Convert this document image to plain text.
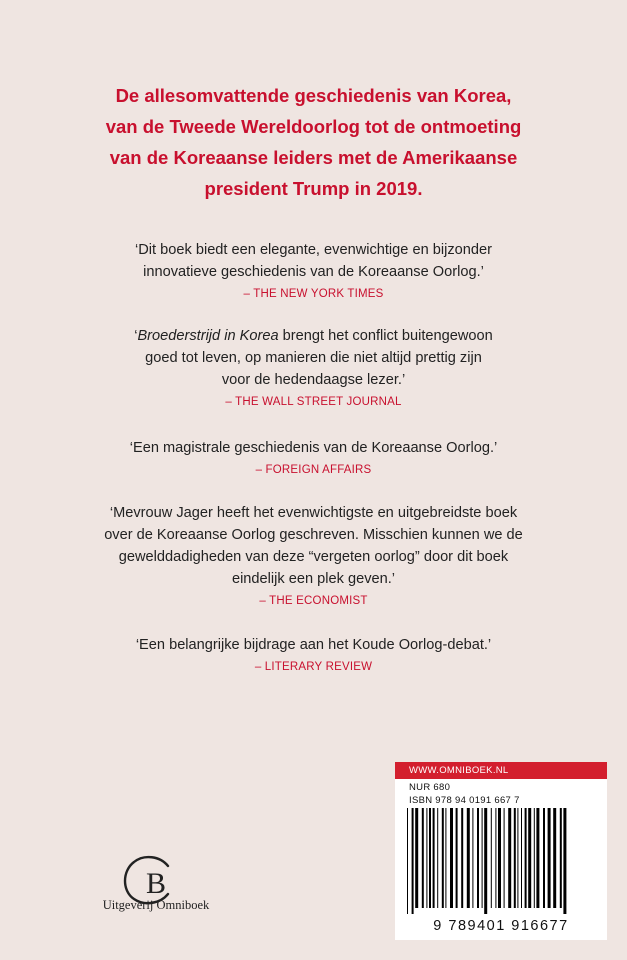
De allesomvattende geschiedenis van Korea,
van de Tweede Wereldoorlog tot de ontmoeting
van de Koreaanse leiders met de Amerikaanse
president Trump in 2019.
‘Dit boek biedt een elegante, evenwichtige en bijzonder
innovatieve geschiedenis van de Koreaanse Oorlog.’
– THE NEW YORK TIMES
‘Broederstrijd in Korea brengt het conflict buitengewoon
goed tot leven, op manieren die niet altijd prettig zijn
voor de hedendaagse lezer.’
– THE WALL STREET JOURNAL
‘Een magistrale geschiedenis van de Koreaanse Oorlog.’
– FOREIGN AFFAIRS
‘Mevrouw Jager heeft het evenwichtigste en uitgebreidste boek
over de Koreaanse Oorlog geschreven. Misschien kunnen we de
gewelddadigheden van deze “vergeten oorlog” door dit boek
eindelijk een plek geven.’
– THE ECONOMIST
‘Een belangrijke bijdrage aan het Koude Oorlog-debat.’
– LITERARY REVIEW
B
Uitgeverij Omniboek
WWW.OMNIBOEK.NL
NUR 680
ISBN 978 94 0191 667 7
9 789401 916677
